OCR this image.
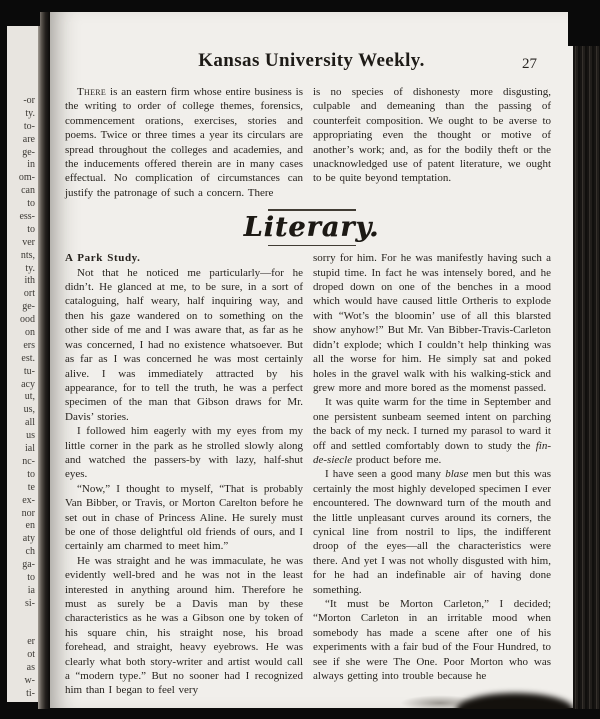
-or
ty.
to-
are
ge-
in
om-
can
to
ess-
to
ver
nts,
ty.
ith
ort
ge-
ood
on
ers
est.
tu-
acy
ut,
us,
all
us
ial
nc-
to
te
ex-
nor
en
aty
ch
ga-
to
ia
si-
er
ot
as
w-
ti-
Kansas University Weekly.	27

There is an eastern firm whose entire business is the writing to order of college themes, forensics, commencement orations, exercises, stories and poems. Twice or three times a year its circulars are spread throughout the colleges and academies, and the inducements offered therein are in many cases effectual. No complication of circumstances can justify the patronage of such a concern. There

is no species of dishonesty more disgusting, culpable and demeaning than the passing of counterfeit composition. We ought to be averse to appropriating even the thought or motive of another’s work; and, as for the bodily theft or the unacknowledged use of patent literature, we ought to be quite beyond temptation.

Literary.

A Park Study.

Not that he noticed me particularly—for he didn’t. He glanced at me, to be sure, in a sort of cataloguing, half weary, half inquiring way, and then his gaze wandered on to something on the other side of me and I was aware that, as far as he was concerned, I had no existence whatsoever. But as far as I was concerned he was most certainly alive. I was immediately attracted by his appearance, for to tell the truth, he was a perfect specimen of the man that Gibson draws for Mr. Davis’ stories.

I followed him eagerly with my eyes from my little corner in the park as he strolled slowly along and watched the passers-by with lazy, half-shut eyes.

“Now,” I thought to myself, “That is probably Van Bibber, or Travis, or Morton Carelton before he set out in chase of Princess Aline. He surely must be one of those delightful old friends of ours, and I certainly am charmed to meet him.”

He was straight and he was immaculate, he was evidently well-bred and he was not in the least interested in anything around him. Therefore he must as surely be a Davis man by these characteristics as he was a Gibson one by token of his square chin, his straight nose, his broad forehead, and straight, heavy eyebrows. He was clearly what both story-writer and artist would call a “modern type.” But no sooner had I recognized him than I began to feel very

sorry for him. For he was manifestly having such a stupid time. In fact he was intensely bored, and he droped down on one of the benches in a mood which would have caused little Ortheris to explode with “Wot’s the bloomin’ use of all this blarsted show anyhow!” But Mr. Van Bibber-Travis-Carleton didn’t explode; which I couldn’t help thinking was all the worse for him. He simply sat and poked holes in the gravel walk with his walking-stick and grew more and more bored as the momenst passed.

It was quite warm for the time in September and one persistent sunbeam seemed intent on parching the back of my neck. I turned my parasol to ward it off and settled comfortably down to study the fin-de-siecle product before me.

I have seen a good many blase men but this was certainly the most highly developed specimen I ever encountered. The downward turn of the mouth and the little unpleasant curves around its corners, the cynical line from nostril to lips, the indifferent droop of the eyes—all the characteristics were there. And yet I was not wholly disgusted with him, for he had an indefinable air of having done something.

“It must be Morton Carleton,” I decided; “Morton Carleton in an irritable mood when somebody has made a scene after one of his experiments with a fair bud of the Four Hundred, to see if she were The One. Poor Morton who was always getting into trouble because he
